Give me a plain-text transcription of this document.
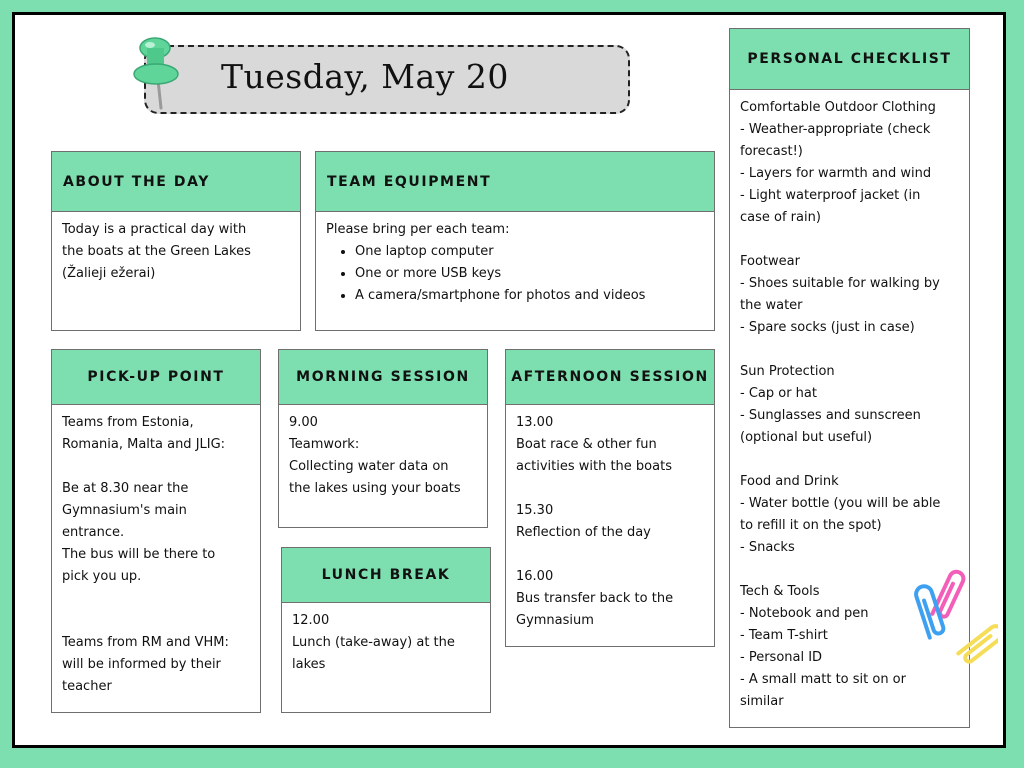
Tuesday, May 20
ABOUT THE DAY
Today is a practical day with
the boats at the Green Lakes
(Žalieji ežerai)
TEAM EQUIPMENT
Please bring per each team:
• One laptop computer
• One or more USB keys
• A camera/smartphone for photos and videos
PICK-UP POINT
Teams from Estonia,
Romania, Malta and JLIG:
Be at 8.30 near the
Gymnasium's main
entrance.
The bus will be there to
pick you up.
Teams from RM and VHM:
will be informed by their
teacher
MORNING SESSION
9.00
Teamwork:
Collecting water data on
the lakes using your boats
LUNCH BREAK
12.00
Lunch (take-away) at the
lakes
AFTERNOON SESSION
13.00
Boat race & other fun
activities with the boats
15.30
Reflection of the day
16.00
Bus transfer back to the
Gymnasium
PERSONAL CHECKLIST
Comfortable Outdoor Clothing
- Weather-appropriate (check
forecast!)
- Layers for warmth and wind
- Light waterproof jacket (in
case of rain)
Footwear
- Shoes suitable for walking by
the water
- Spare socks (just in case)
Sun Protection
- Cap or hat
- Sunglasses and sunscreen
(optional but useful)
Food and Drink
- Water bottle (you will be able
to refill it on the spot)
- Snacks
Tech & Tools
- Notebook and pen
- Team T-shirt
- Personal ID
- A small matt to sit on or
similar
